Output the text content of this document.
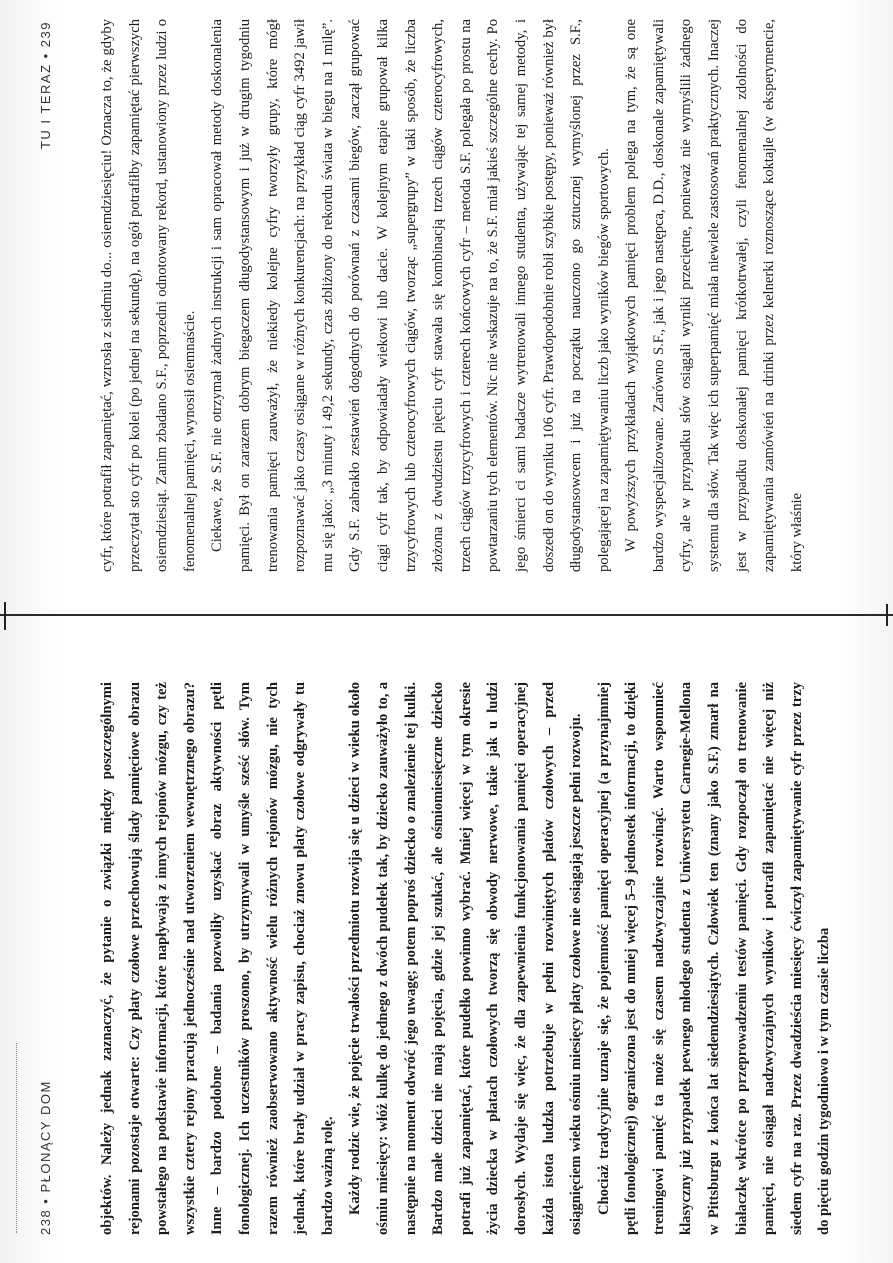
238 • PŁONĄCY DOM	objektów. Należy jednak zaznaczyć, że pytanie o związki między poszczególnymi rejonami pozostaje otwarte: Czy płaty czołowe przechowują ślady pamięciowe obrazu powstałego na podstawie informacji, które napływają z innych rejonów mózgu, czy też wszystkie cztery rejony pracują jednocześnie nad utworzeniem wewnętrznego obrazu? Inne – bardzo podobne – badania pozwoliły uzyskać obraz aktywności pętli fonologicznej. Ich uczestników proszono, by utrzymywali w umyśle sześć słów. Tym razem również zaobserwowano aktywność wielu różnych rejonów mózgu, nie tych jednak, które brały udział w pracy zapisu, chociaż znowu płaty czołowe odgrywały tu bardzo ważną rolę. Każdy rodzic wie, że pojęcie trwałości przedmiotu rozwija się u dzieci w wieku około ośmiu miesięcy: włóż kulkę do jednego z dwóch pudełek tak, by dziecko zauważyło to, a następnie na moment odwróć jego uwagę; potem poproś dziecko o znalezienie tej kulki. Bardzo małe dzieci nie mają pojęcia, gdzie jej szukać, ale ośmiomiesięczne dziecko potrafi już zapamiętać, które pudełko powinno wybrać. Mniej więcej w tym okresie życia dziecka w płatach czołowych tworzą się obwody nerwowe, takie jak u ludzi dorosłych. Wydaje się więc, że dla zapewnienia funkcjonowania pamięci operacyjnej każda istota ludzka potrzebuje w pełni rozwiniętych płatów czołowych – przed osiągnięciem wieku ośmiu miesięcy płaty czołowe nie osiągają jeszcze pełni rozwoju. Chociaż tradycyjnie uznaje się, że pojemność pamięci operacyjnej (a przynajmniej pętli fonologicznej) ograniczona jest do mniej więcej 5–9 jednostek informacji, to dzięki treningowi pamięć ta może się czasem nadzwyczajnie rozwinąć. Warto wspomnieć klasyczny już przypadek pewnego młodego studenta z Uniwersytetu Carnegie-Mellona w Pittsburgu z końca lat siedemdziesiątych. Człowiek ten (znany jako S.F.) zmarł na białaczkę wkrótce po przeprowadzeniu testów pamięci. Gdy rozpoczął on trenowanie pamięci, nie osiągał nadzwyczajnych wyników i potrafił zapamiętać nie więcej niż siedem cyfr na raz. Przez dwadzieścia miesięcy ćwiczył zapamiętywanie cyfr przez trzy do pięciu godzin tygodniowo i w tym czasie liczba

TU I TERAZ • 239	cyfr, które potrafił zapamiętać, wzrosła z siedmiu do... osiemdziesięciu! Oznacza to, że gdyby przeczytał sto cyfr po kolei (po jednej na sekundę), na ogół potrafiłby zapamiętać pierwszych osiemdziesiąt. Zanim zbadano S.F., poprzedni odnotowany rekord, ustanowiony przez ludzi o fenomenalnej pamięci, wynosił osiemnaście. Ciekawe, że S.F. nie otrzymał żadnych instrukcji i sam opracował metody doskonalenia pamięci. Był on zarazem dobrym biegaczem długodystansowym i już w drugim tygodniu trenowania pamięci zauważył, że niekiedy kolejne cyfry tworzyły grupy, które mógł rozpoznawać jako czasy osiągane w różnych konkurencjach: na przykład ciąg cyfr 3492 jawił mu się jako: „3 minuty i 49,2 sekundy, czas zbliżony do rekordu świata w biegu na 1 milę”. Gdy S.F. zabrakło zestawień dogodnych do porównań z czasami biegów, zaczął grupować ciągi cyfr tak, by odpowiadały wiekowi lub dacie. W kolejnym etapie grupował kilka trzycyfrowych lub czterocyfrowych ciągów, tworząc „supergrupy” w taki sposób, że liczba złożona z dwudziestu pięciu cyfr stawała się kombinacją trzech ciągów czterocyfrowych, trzech ciągów trzycyfrowych i czterech końcowych cyfr – metoda S.F. polegała po prostu na powtarzaniu tych elementów. Nic nie wskazuje na to, że S.F. miał jakieś szczególne cechy. Po jego śmierci ci sami badacze wytrenowali innego studenta, używając tej samej metody, i doszedł on do wyniku 106 cyfr. Prawdopodobnie robił szybkie postępy, ponieważ również był długodystansowcem i już na początku nauczono go sztucznej wymyślonej przez S.F., polegającej na zapamiętywaniu liczb jako wyników biegów sportowych. W powyższych przykładach wyjątkowych pamięci problem polega na tym, że są one bardzo wyspecjalizowane. Zarówno S.F., jak i jego następca, D.D., doskonale zapamiętywali cyfry, ale w przypadku słów osiągali wyniki przeciętne, ponieważ nie wymyślili żadnego systemu dla słów. Tak więc ich superpamięć miała niewiele zastosowań praktycznych. Inaczej jest w przypadku doskonałej pamięci krótkotrwałej, czyli fenomenalnej zdolności do zapamiętywania zamówień na drinki przez kelnerki roznoszące koktajle (w eksperymencie, który właśnie
